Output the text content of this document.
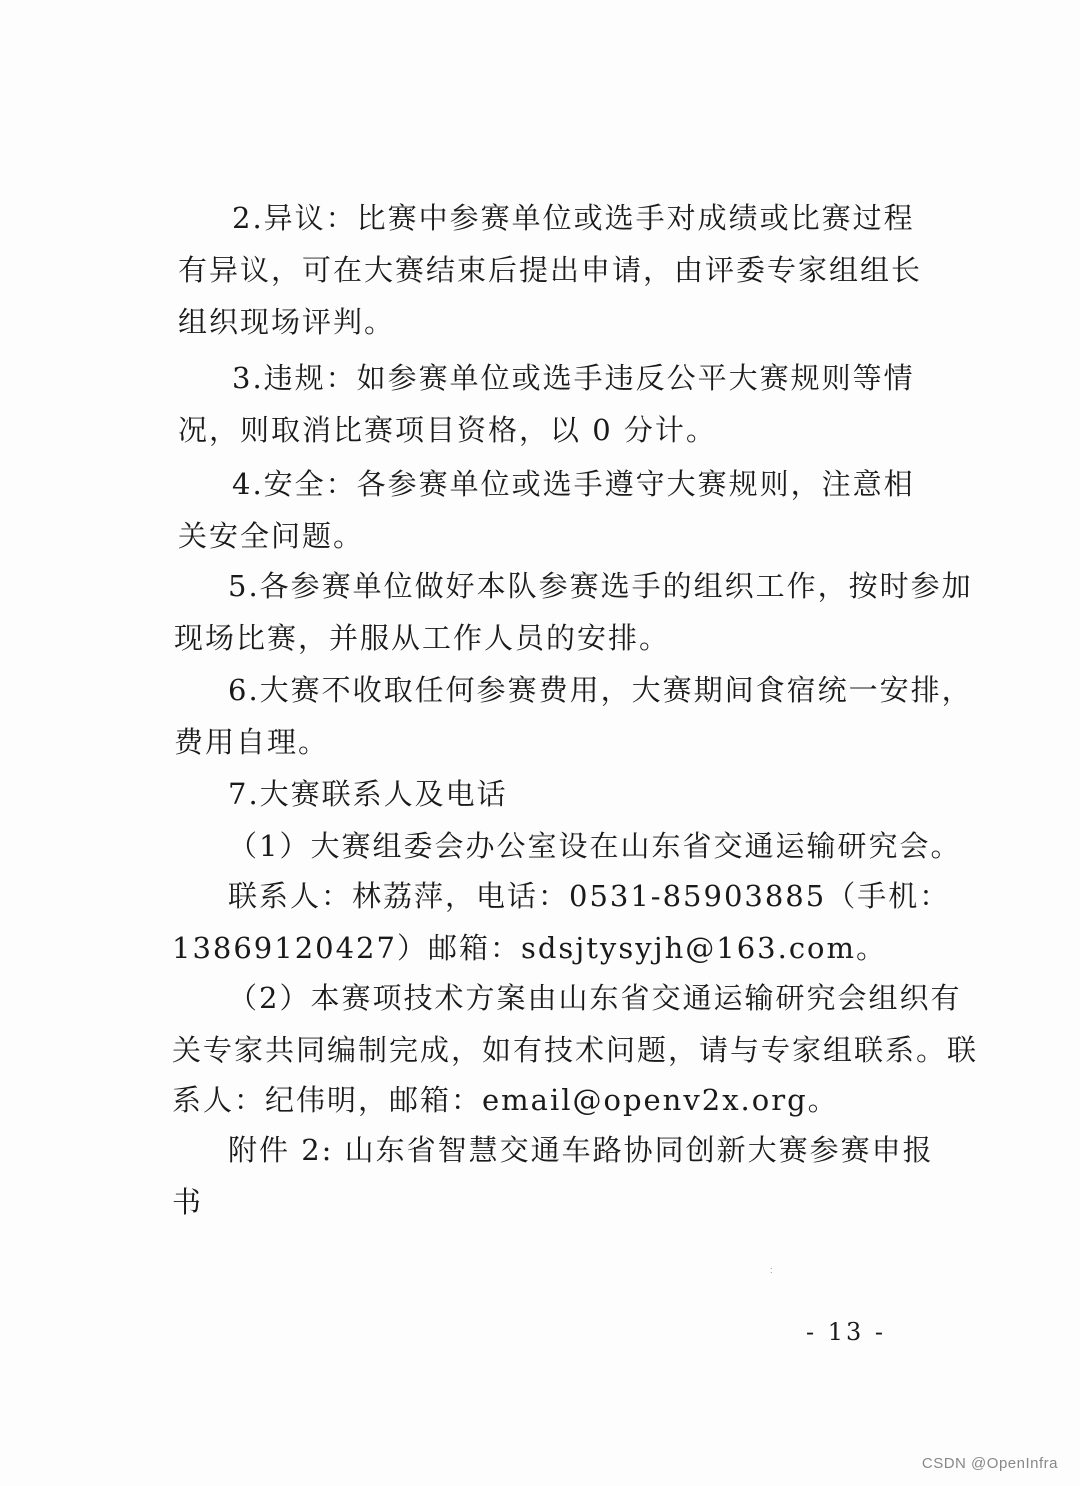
2.异议：比赛中参赛单位或选手对成绩或比赛过程
有异议，可在大赛结束后提出申请，由评委专家组组长
组织现场评判。
3.违规：如参赛单位或选手违反公平大赛规则等情
况，则取消比赛项目资格，以 0 分计。
4.安全：各参赛单位或选手遵守大赛规则，注意相
关安全问题。
5.各参赛单位做好本队参赛选手的组织工作，按时参加
现场比赛，并服从工作人员的安排。
6.大赛不收取任何参赛费用，大赛期间食宿统一安排，
费用自理。
7.大赛联系人及电话
（1）大赛组委会办公室设在山东省交通运输研究会。
联系人：林荔萍，电话：0531-85903885（手机：
13869120427）邮箱：sdsjtysyjh@163.com。
（2）本赛项技术方案由山东省交通运输研究会组织有
关专家共同编制完成，如有技术问题，请与专家组联系。联
系人：纪伟明，邮箱：email@openv2x.org。
附件 2: 山东省智慧交通车路协同创新大赛参赛申报
书
∶
- 13 -
CSDN @OpenInfra
